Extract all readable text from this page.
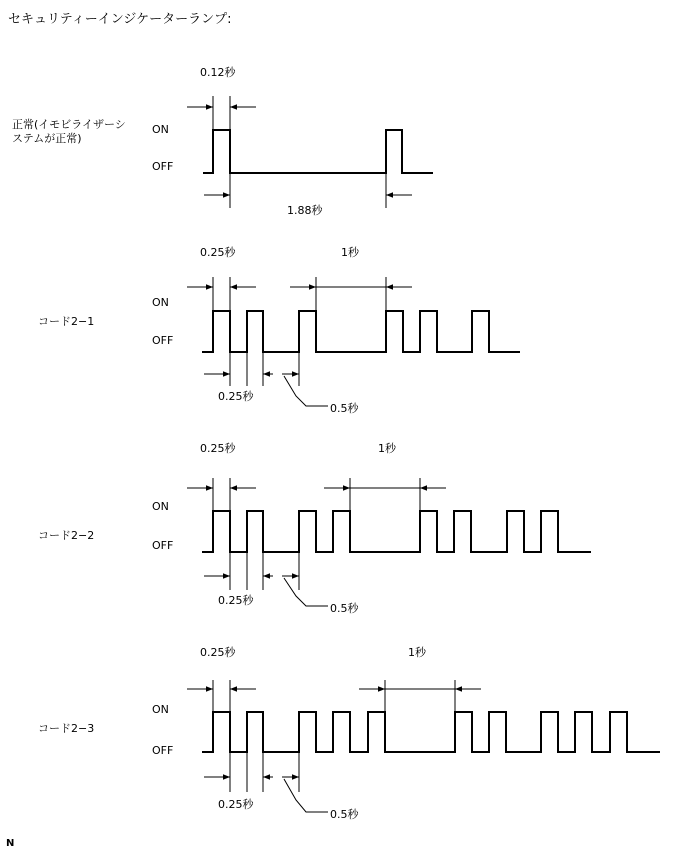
セキュリティーインジケーターランプ:
正常(イモビライザーシ
ステムが正常)
ON
OFF
0.12秒
1.88秒
コード2−1
ON
OFF
0.25秒	1秒
0.25秒
0.5秒
コード2−2
ON
OFF
0.25秒	1秒
0.25秒
0.5秒
コード2−3
ON
OFF
0.25秒	1秒
0.25秒
0.5秒
N
